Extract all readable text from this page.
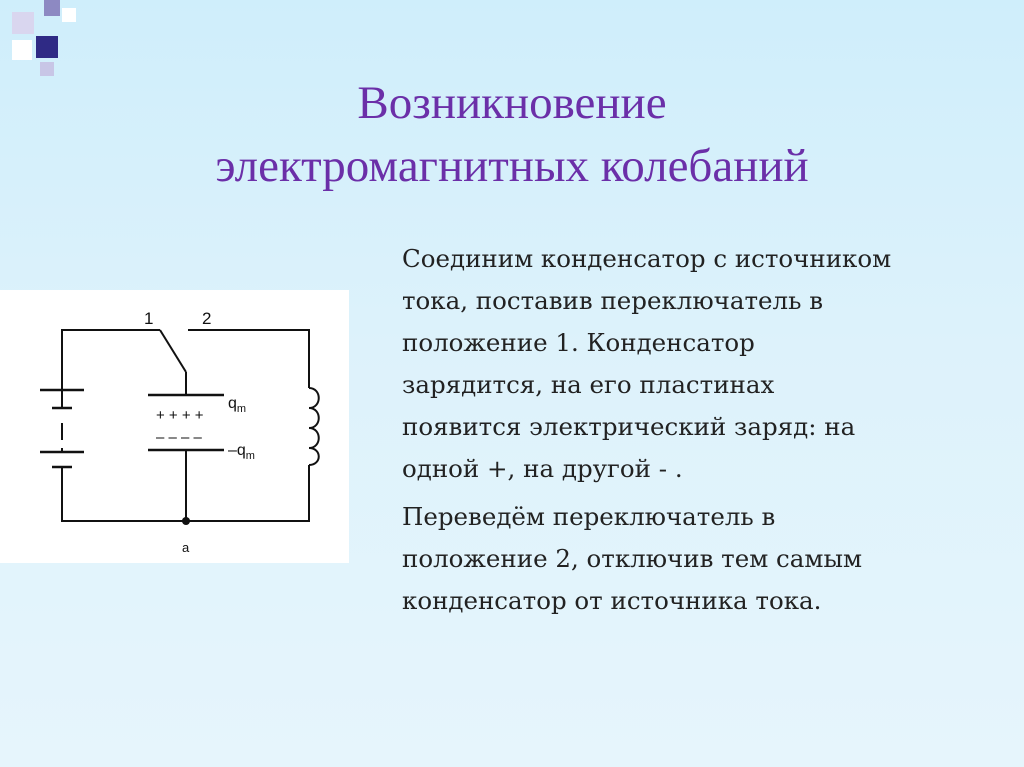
Возникновение
электромагнитных колебаний
1	2
+ + + +
– – – –
$q_m$
$-q_m$
a

Соединим конденсатор с источником
тока, поставив переключатель в
положение 1. Конденсатор
зарядится, на его пластинах
появится электрический заряд: на
одной +, на другой - .

Переведём переключатель в
положение 2, отключив тем самым
конденсатор от источника тока.
